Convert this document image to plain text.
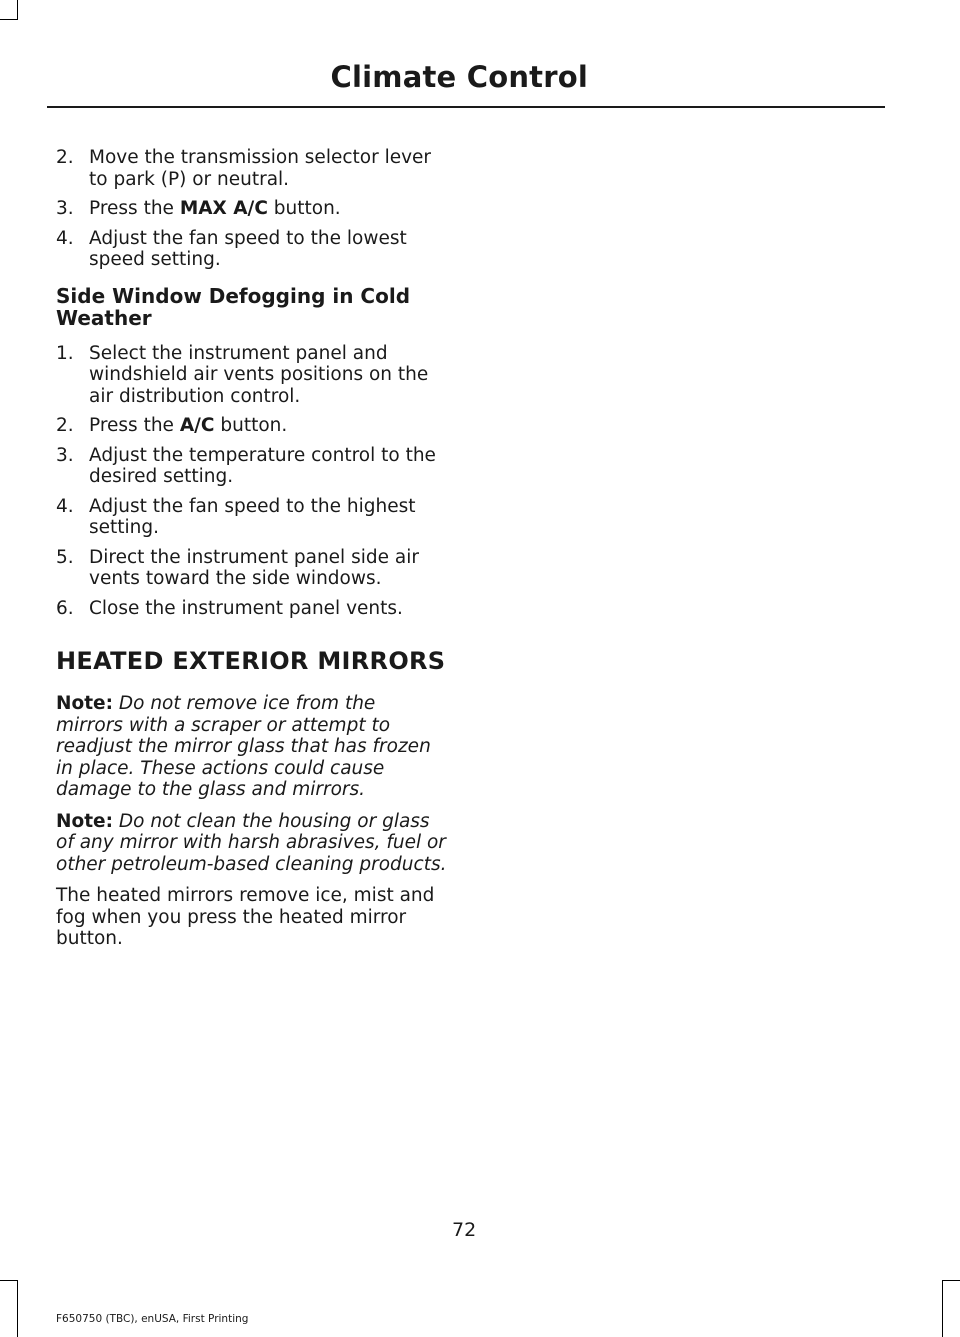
Climate Control
2. Move the transmission selector lever to park (P) or neutral.
3. Press the MAX A/C button.
4. Adjust the fan speed to the lowest speed setting.
Side Window Defogging in Cold Weather
1. Select the instrument panel and windshield air vents positions on the air distribution control.
2. Press the A/C button.
3. Adjust the temperature control to the desired setting.
4. Adjust the fan speed to the highest setting.
5. Direct the instrument panel side air vents toward the side windows.
6. Close the instrument panel vents.
HEATED EXTERIOR MIRRORS

Note: Do not remove ice from the mirrors with a scraper or attempt to readjust the mirror glass that has frozen in place. These actions could cause damage to the glass and mirrors.

Note: Do not clean the housing or glass of any mirror with harsh abrasives, fuel or other petroleum-based cleaning products.

The heated mirrors remove ice, mist and fog when you press the heated mirror button.

72
F650750 (TBC), enUSA, First Printing
